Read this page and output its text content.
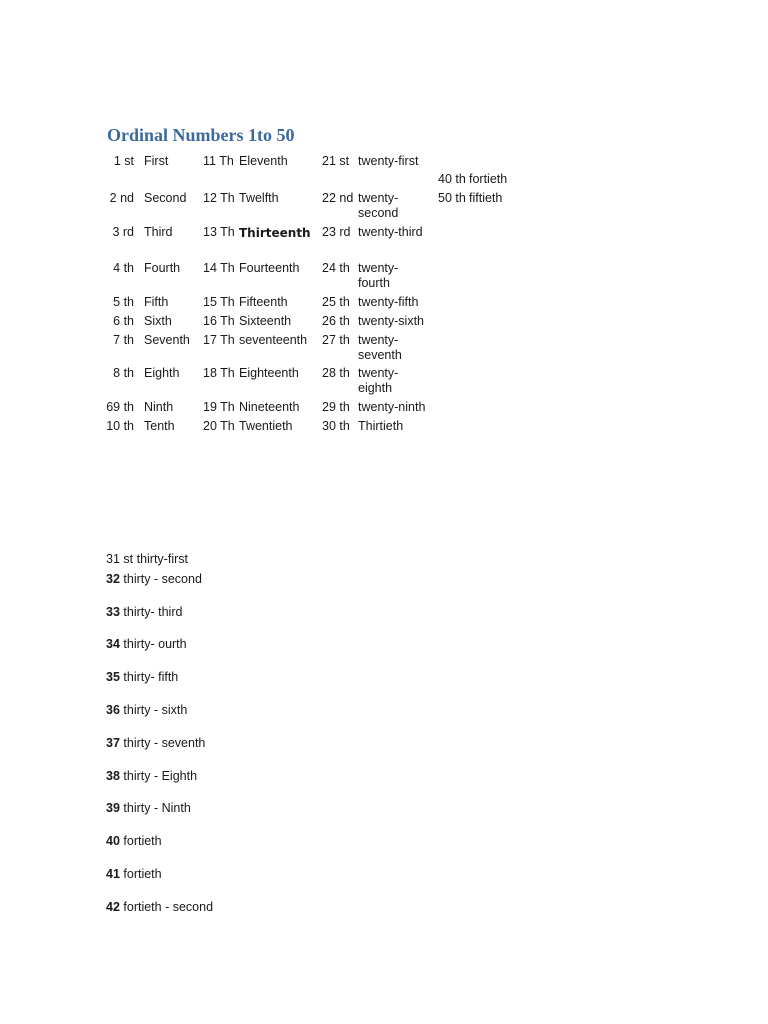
Ordinal Numbers 1to 50
1 st First
2 nd Second
3 rd Third
4 th Fourth
5 th Fifth
6 th Sixth
7 th Seventh
8 th Eighth
69 th Ninth
10 th Tenth
11 Th Eleventh
12 Th Twelfth
13 Th Thirteenth
14 Th Fourteenth
15 Th Fifteenth
16 Th Sixteenth
17 Th seventeenth
18 Th Eighteenth
19 Th Nineteenth
20 Th Twentieth
21 st twenty-first
22 nd twenty-second
23 rd twenty-third
24 th twenty-fourth
25 th twenty-fifth
26 th twenty-sixth
27 th twenty-seventh
28 th twenty-eighth
29 th twenty-ninth
30 th Thirtieth
40 th fortieth
50 th fiftieth
31 st thirty-first
32 thirty - second
33 thirty- third
34 thirty- ourth
35 thirty- fifth
36 thirty - sixth
37 thirty - seventh
38 thirty - Eighth
39 thirty - Ninth
40 fortieth
41 fortieth
42 fortieth - second
